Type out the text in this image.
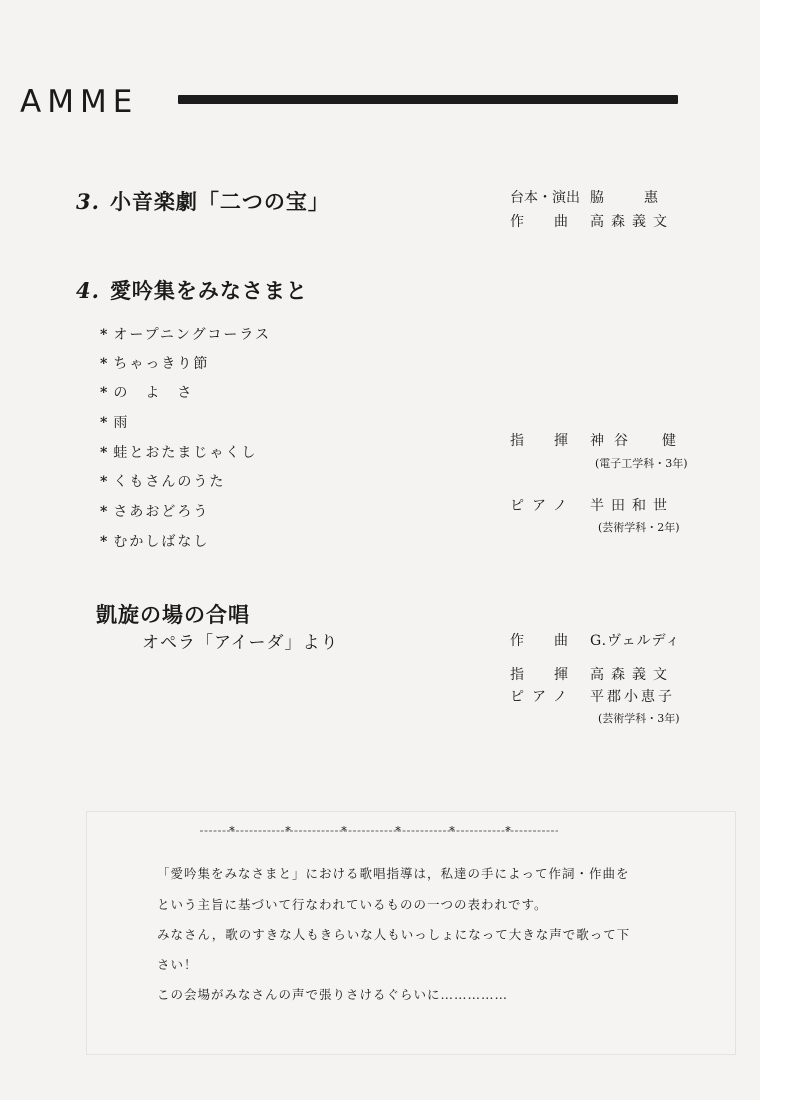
AMME
3. 小音楽劇「二つの宝」	台本・演出 脇　　惠
作　曲 高森義文
4. 愛吟集をみなさまと
* オープニングコーラス
* ちゃっきり節
* の　よ　さ
* 雨
* 蛙とおたまじゃくし
* くもさんのうた
* さあおどろう
* むかしばなし
指　揮 神谷　健
(電子工学科・3年)
ピアノ 半田和世
(芸術学科・2年)
凱旋の場の合唱
オペラ「アイーダ」より	作　曲 G.ヴェルディ
指　揮 高森義文
ピアノ 平郡小恵子
(芸術学科・3年)
*	*	*	*	*	*
「愛吟集をみなさまと」における歌唱指導は，私達の手によって作詞・作曲を
という主旨に基づいて行なわれているものの一つの表われです。
みなさん，歌のすきな人もきらいな人もいっしょになって大きな声で歌って下
さい！
この会場がみなさんの声で張りさけるぐらいに……………
